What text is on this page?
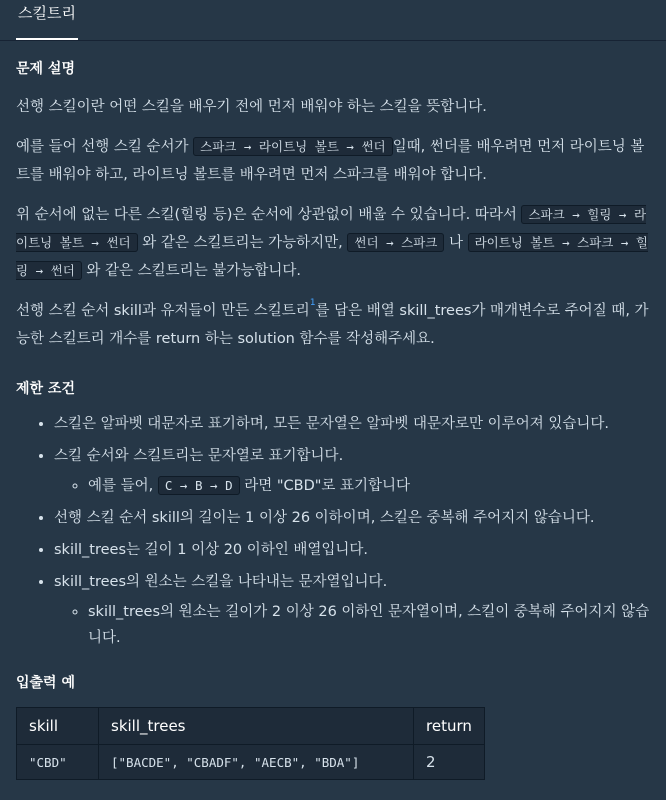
스킬트리
문제 설명

선행 스킬이란 어떤 스킬을 배우기 전에 먼저 배워야 하는 스킬을 뜻합니다.

예를 들어 선행 스킬 순서가 스파크 → 라이트닝 볼트 → 썬더 일때, 썬더를 배우려면 먼저 라이트닝 볼트를 배워야 하고, 라이트닝 볼트를 배우려면 먼저 스파크를 배워야 합니다.

위 순서에 없는 다른 스킬(힐링 등)은 순서에 상관없이 배울 수 있습니다. 따라서 스파크 → 힐링 → 라이트닝 볼트 → 썬더 와 같은 스킬트리는 가능하지만, 썬더 → 스파크 나 라이트닝 볼트 → 스파크 → 힐링 → 썬더 와 같은 스킬트리는 불가능합니다.

선행 스킬 순서 skill과 유저들이 만든 스킬트리$^1$를 담은 배열 skill_trees가 매개변수로 주어질 때, 가능한 스킬트리 개수를 return 하는 solution 함수를 작성해주세요.

제한 조건
• 스킬은 알파벳 대문자로 표기하며, 모든 문자열은 알파벳 대문자로만 이루어져 있습니다.
• 스킬 순서와 스킬트리는 문자열로 표기합니다.
◦ 예를 들어, C → B → D 라면 "CBD"로 표기합니다
• 선행 스킬 순서 skill의 길이는 1 이상 26 이하이며, 스킬은 중복해 주어지지 않습니다.
• skill_trees는 길이 1 이상 20 이하인 배열입니다.
• skill_trees의 원소는 스킬을 나타내는 문자열입니다.
◦ skill_trees의 원소는 길이가 2 이상 26 이하인 문자열이며, 스킬이 중복해 주어지지 않습니다.
입출력 예
skill	skill_trees	return
"CBD"	["BACDE", "CBADF", "AECB", "BDA"]	2
